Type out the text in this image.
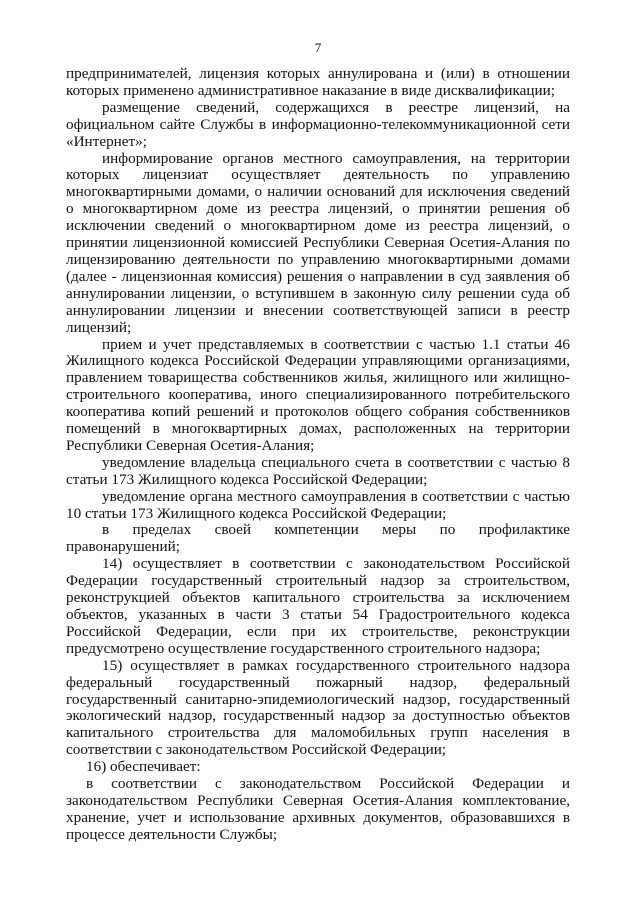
7

предпринимателей, лицензия которых аннулирована и (или) в отношении которых применено административное наказание в виде дисквалификации;

размещение сведений, содержащихся в реестре лицензий, на официальном сайте Службы в информационно-телекоммуникационной сети «Интернет»;

информирование органов местного самоуправления, на территории которых лицензиат осуществляет деятельность по управлению многоквартирными домами, о наличии оснований для исключения сведений о многоквартирном доме из реестра лицензий, о принятии решения об исключении сведений о многоквартирном доме из реестра лицензий, о принятии лицензионной комиссией Республики Северная Осетия-Алания по лицензированию деятельности по управлению многоквартирными домами (далее - лицензионная комиссия) решения о направлении в суд заявления об аннулировании лицензии, о вступившем в законную силу решении суда об аннулировании лицензии и внесении соответствующей записи в реестр лицензий;

прием и учет представляемых в соответствии с частью 1.1 статьи 46 Жилищного кодекса Российской Федерации управляющими организациями, правлением товарищества собственников жилья, жилищного или жилищно-строительного кооператива, иного специализированного потребительского кооператива копий решений и протоколов общего собрания собственников помещений в многоквартирных домах, расположенных на территории Республики Северная Осетия-Алания;

уведомление владельца специального счета в соответствии с частью 8 статьи 173 Жилищного кодекса Российской Федерации;

уведомление органа местного самоуправления в соответствии с частью 10 статьи 173 Жилищного кодекса Российской Федерации;

в пределах своей компетенции меры по профилактике правонарушений;

14) осуществляет в соответствии с законодательством Российской Федерации государственный строительный надзор за строительством, реконструкцией объектов капитального строительства за исключением объектов, указанных в части 3 статьи 54 Градостроительного кодекса Российской Федерации, если при их строительстве, реконструкции предусмотрено осуществление государственного строительного надзора;

15) осуществляет в рамках государственного строительного надзора федеральный государственный пожарный надзор, федеральный государственный санитарно-эпидемиологический надзор, государственный экологический надзор, государственный надзор за доступностью объектов капитального строительства для маломобильных групп населения в соответствии с законодательством Российской Федерации;

16) обеспечивает:

в соответствии с законодательством Российской Федерации и законодательством Республики Северная Осетия-Алания комплектование, хранение, учет и использование архивных документов, образовавшихся в процессе деятельности Службы;
